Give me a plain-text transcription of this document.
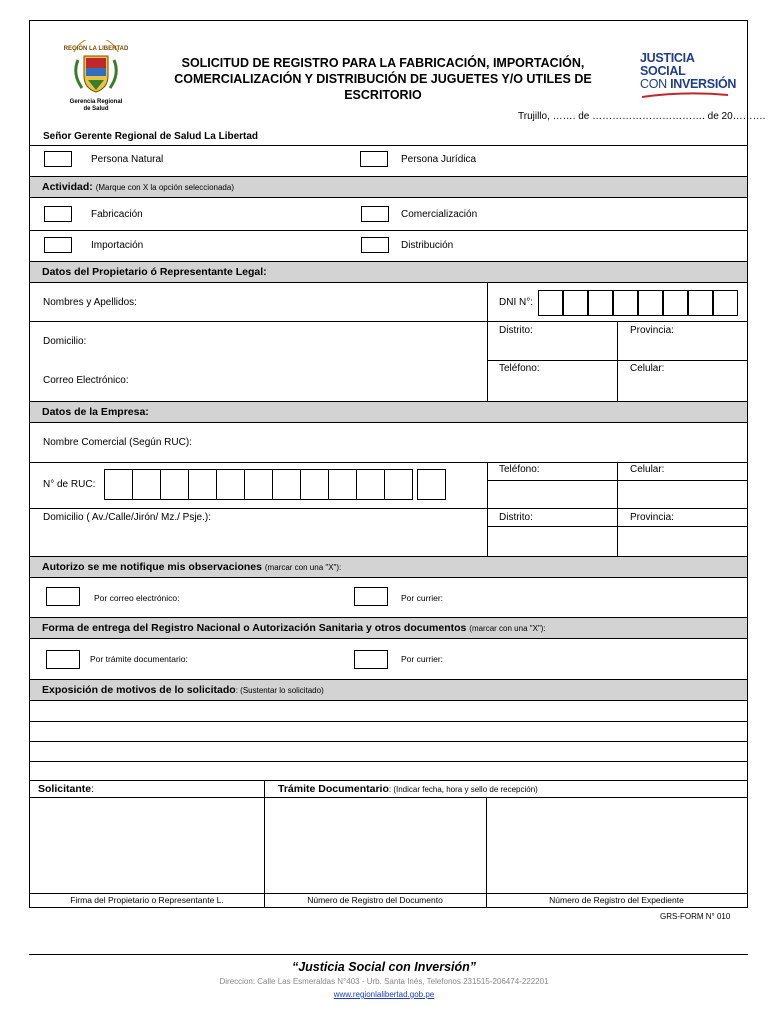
REGIÓN LA LIBERTAD
Gerencia Regional
de Salud
SOLICITUD DE REGISTRO PARA LA FABRICACIÓN, IMPORTACIÓN,
COMERCIALIZACIÓN Y DISTRIBUCIÓN DE JUGUETES Y/O UTILES DE ESCRITORIO
JUSTICIA SOCIAL
CON INVERSIÓN
Trujillo, ……. de ……………………………. de 20……….
Señor Gerente Regional de Salud La Libertad
Persona Natural	Persona Jurídica
Actividad: (Marque con X la opción seleccionada)
Fabricación	Comercialización
Importación	Distribución
Datos del Propietario ó Representante Legal:
Nombres y Apellidos:	DNI N°:
Domicilio:
Distrito:	Provincia:
Correo Electrónico:
Teléfono:	Celular:
Datos de la Empresa:
Nombre Comercial (Según RUC):
N° de RUC:
Teléfono:	Celular:
Domicilio ( Av./Calle/Jirón/ Mz./ Psje.):	Distrito:	Provincia:
Autorizo se me notifique mis observaciones (marcar con una "X"):
Por correo electrónico:	Por currier:
Forma de entrega del Registro Nacional o Autorización Sanitaria y otros documentos (marcar con una "X"):
Por trámite documentario:	Por currier:
Exposición de motivos de lo solicitado: (Sustentar lo solicitado)
Solicitante:	Trámite Documentario: (Indicar fecha, hora y sello de recepción)
Firma del Propietario o Representante L.	Número de Registro del Documento	Número de Registro del Expediente
GRS-FORM N° 010
“Justicia Social con Inversión”
Direccion: Calle Las Esmeraldas N°403 - Urb. Santa Inés, Telefonos 231515-206474-222201
www.regionlalibertad.gob.pe
